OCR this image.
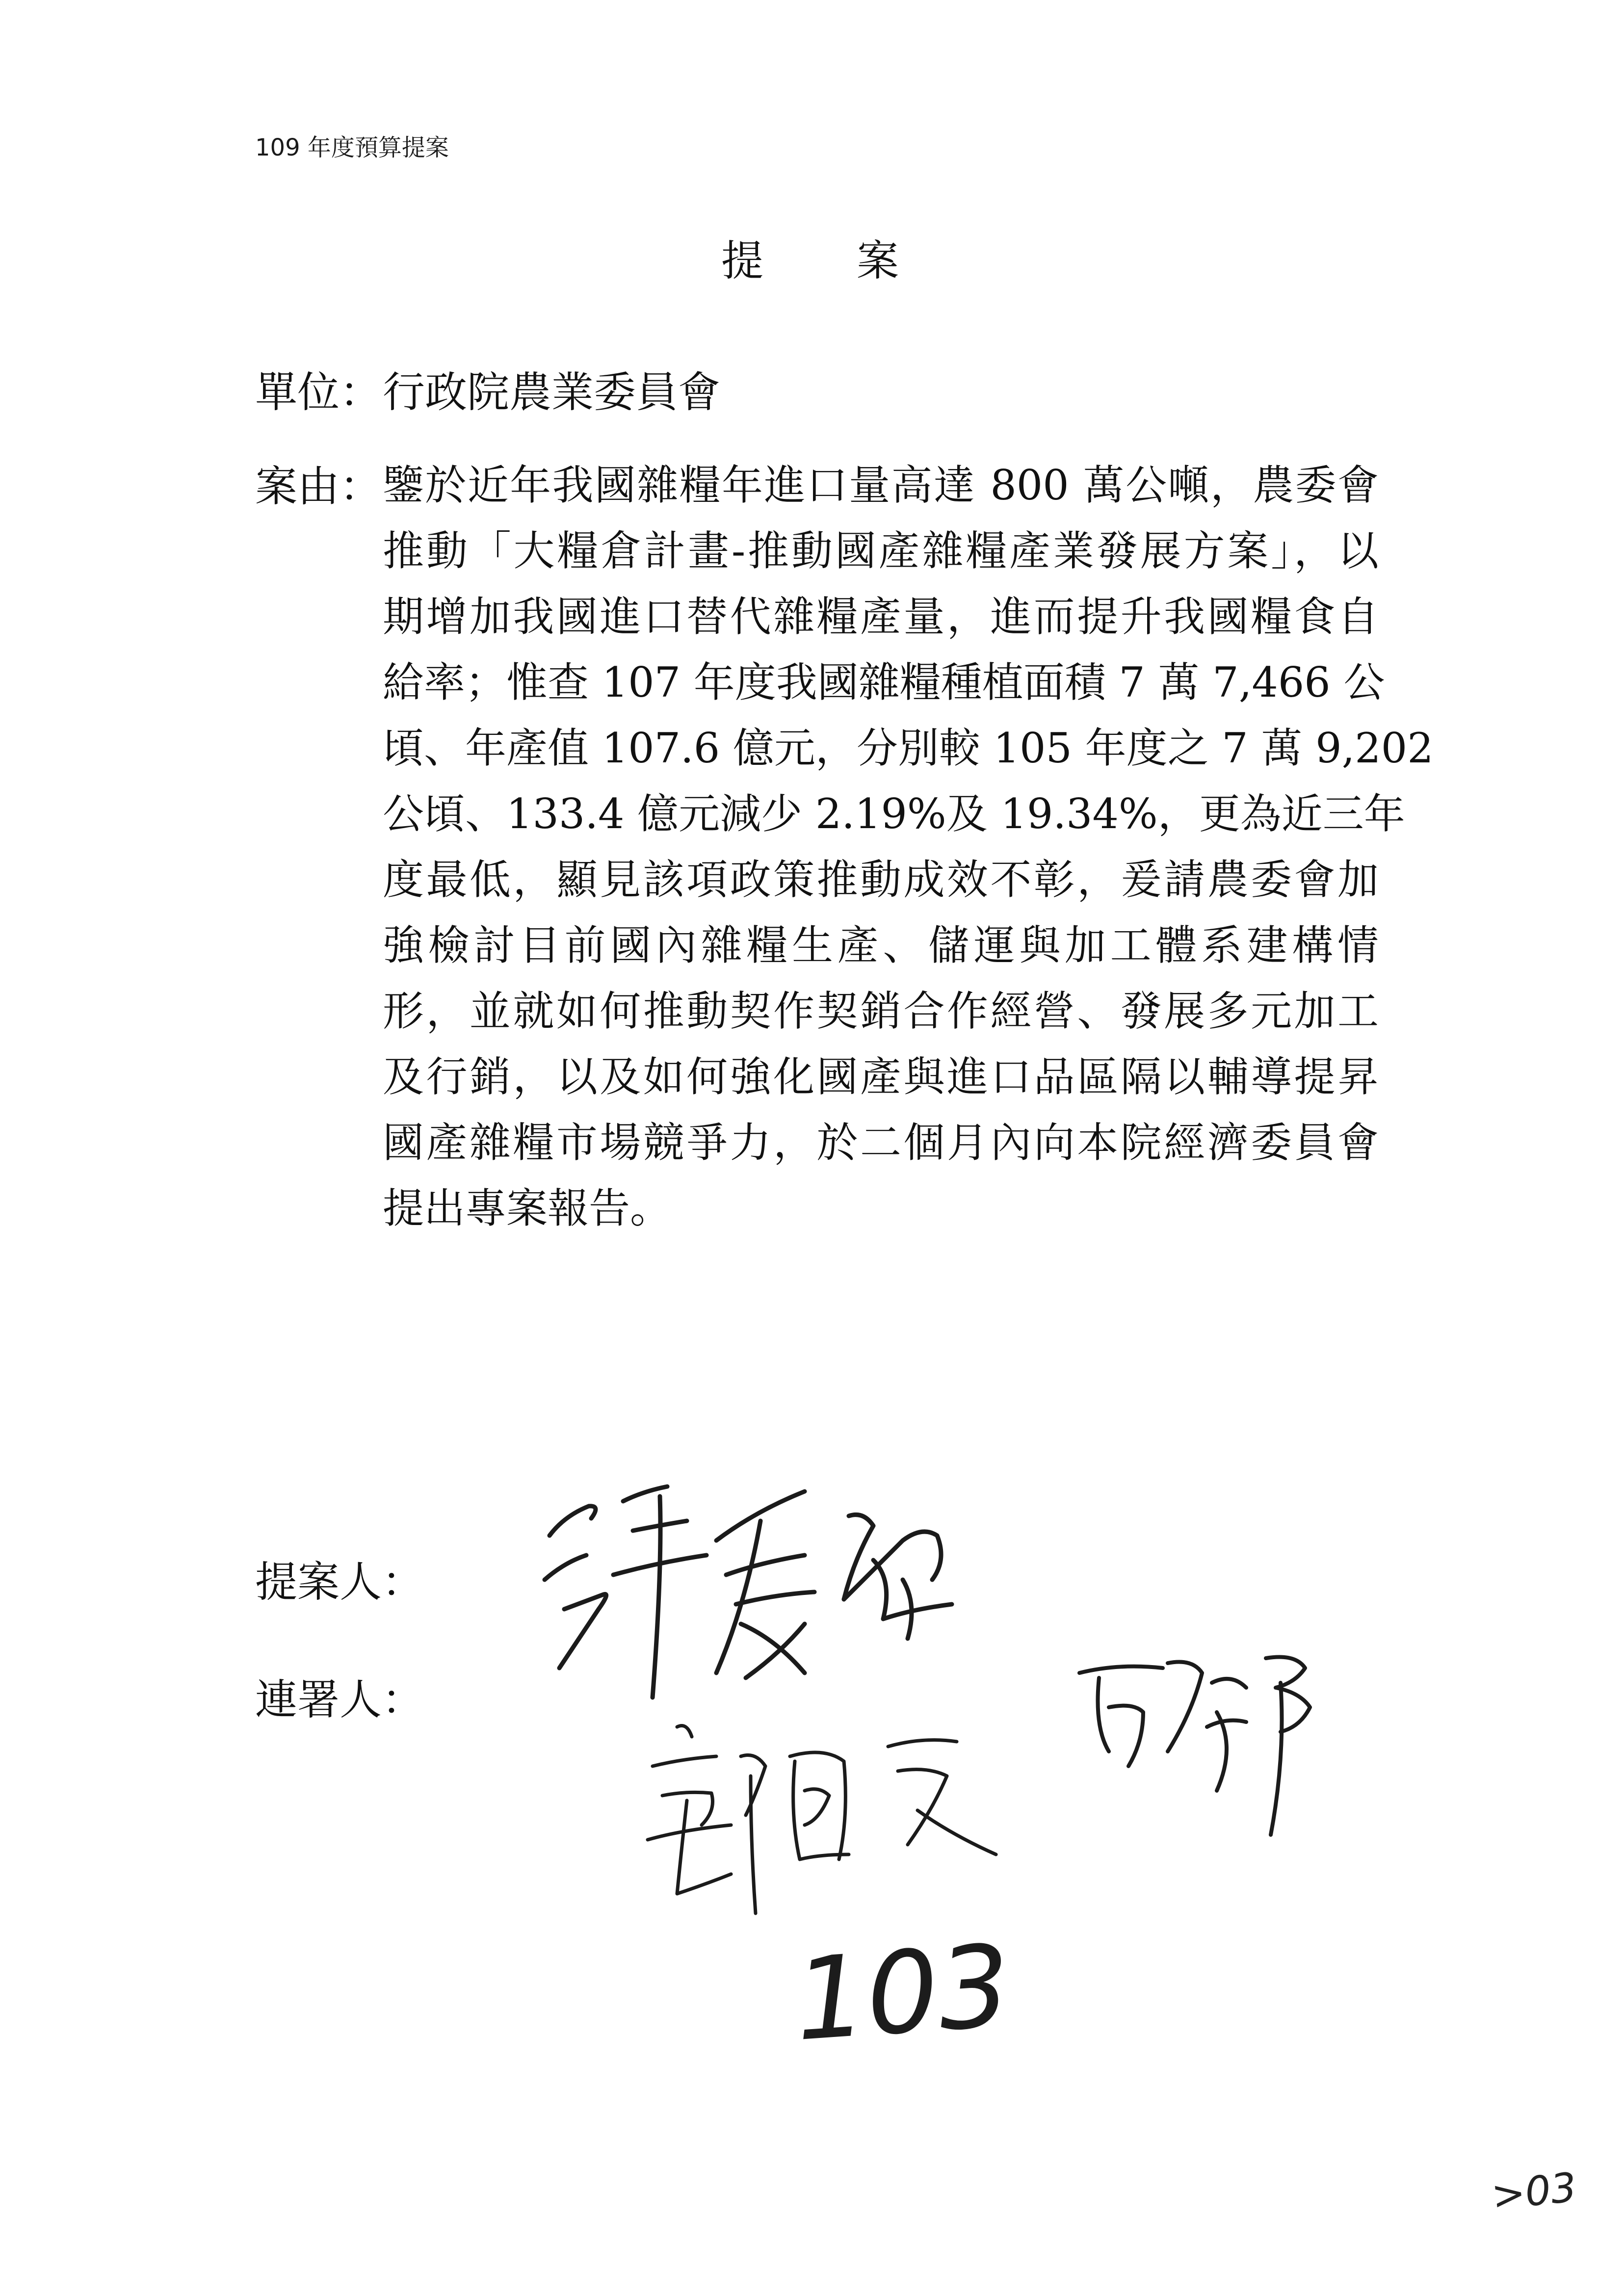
109 年度預算提案
提案
單位： 行政院農業委員會
案由： 鑒於近年我國雜糧年進口量高達 800 萬公噸，農委會
推動「大糧倉計畫-推動國產雜糧產業發展方案」，以
期增加我國進口替代雜糧產量，進而提升我國糧食自
給率；惟查 107 年度我國雜糧種植面積 7 萬 7,466 公
頃、年產值 107.6 億元，分別較 105 年度之 7 萬 9,202
公頃、133.4 億元減少 2.19%及 19.34%，更為近三年
度最低，顯見該項政策推動成效不彰，爰請農委會加
強檢討目前國內雜糧生產、儲運與加工體系建構情
形，並就如何推動契作契銷合作經營、發展多元加工
及行銷，以及如何強化國產與進口品區隔以輔導提昇
國產雜糧市場競爭力，於二個月內向本院經濟委員會
提出專案報告。
提案人：
連署人：
103
>03
